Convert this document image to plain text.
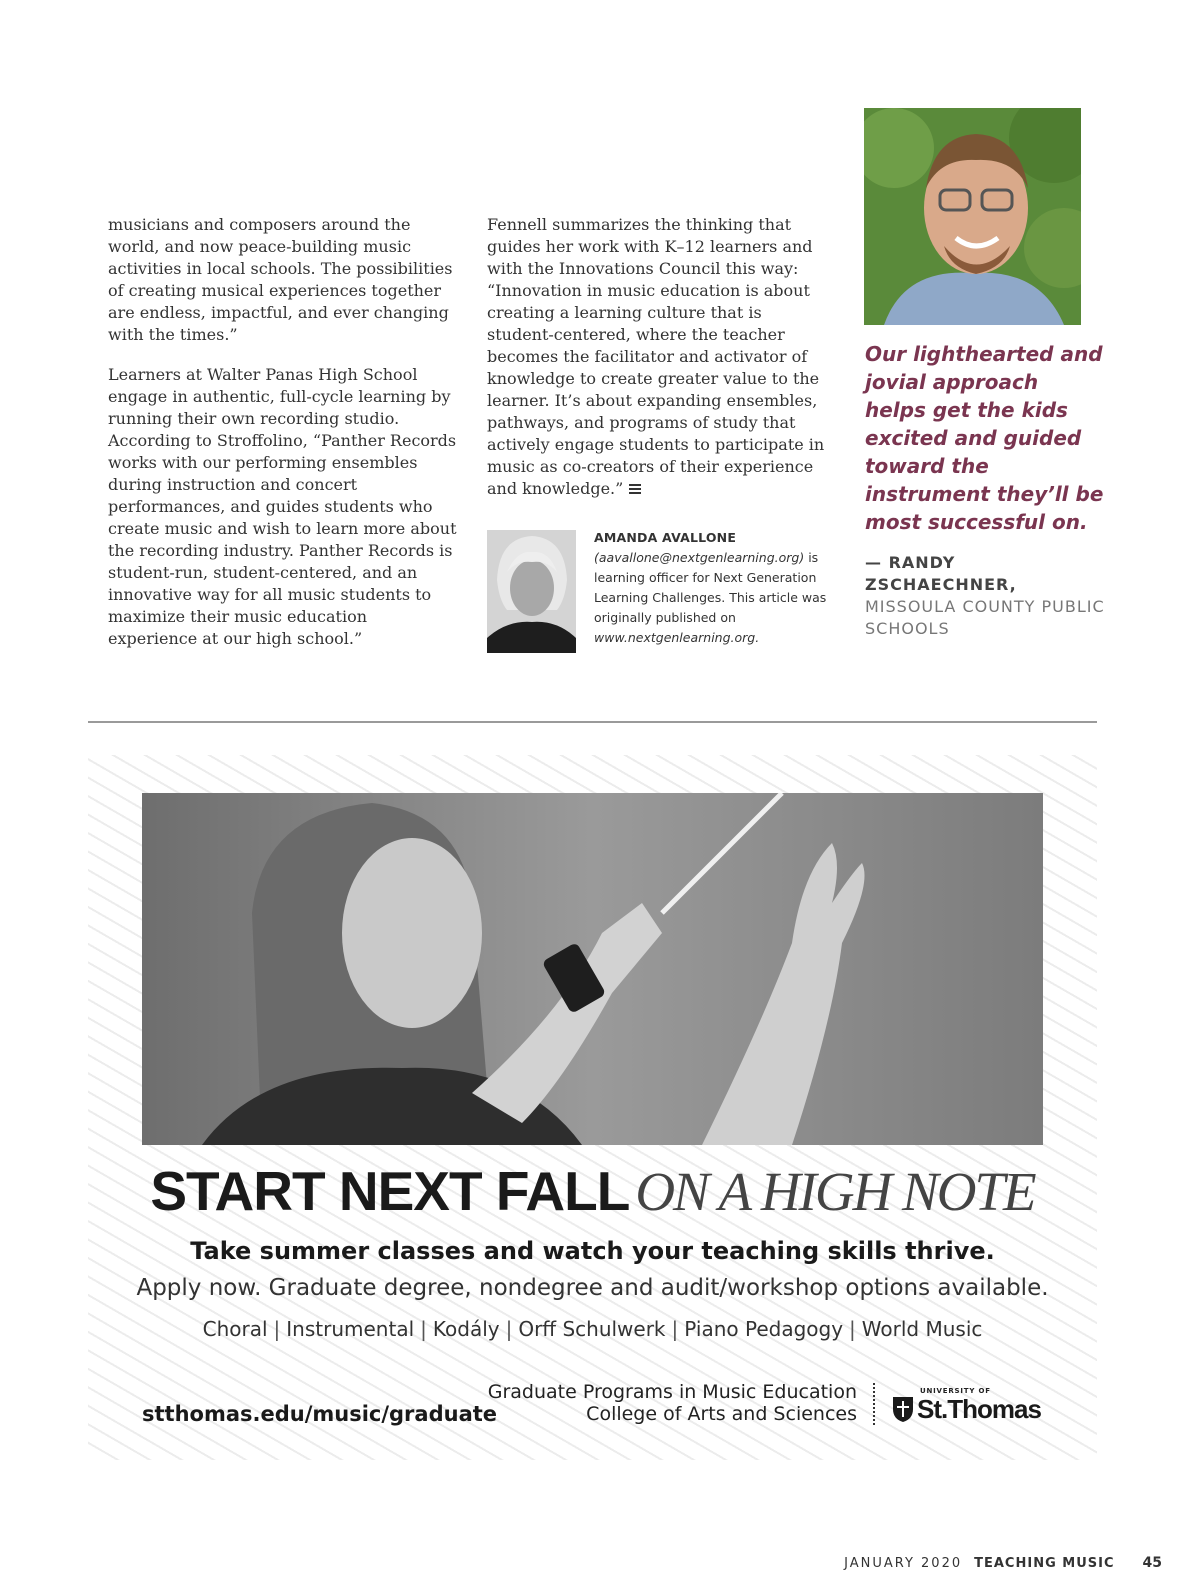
musicians and composers around the world, and now peace-building music activities in local schools. The possibilities of creating musical experiences together are endless, impactful, and ever changing with the times.”

Learners at Walter Panas High School engage in authentic, full-cycle learning by running their own recording studio. According to Stroffolino, “Panther Records works with our performing ensembles during instruction and concert performances, and guides students who create music and wish to learn more about the recording industry. Panther Records is student-run, student-centered, and an innovative way for all music students to maximize their music education experience at our high school.”

Fennell summarizes the thinking that guides her work with K–12 learners and with the Innovations Council this way: “Innovation in music education is about creating a learning culture that is student-centered, where the teacher becomes the facilitator and activator of knowledge to create greater value to the learner. It’s about expanding ensembles, pathways, and programs of study that actively engage students to participate in music as co-creators of their experience and knowledge.”

AMANDA AVALLONE
(aavallone@nextgenlearning.org) is learning officer for Next Generation Learning Challenges. This article was originally published on www.nextgenlearning.org.
Our lighthearted and jovial approach helps get the kids excited and guided toward the instrument they’ll be most successful on.
— RANDY ZSCHAECHNER,
MISSOULA COUNTY PUBLIC SCHOOLS
START NEXT FALL ON A HIGH NOTE
Take summer classes and watch your teaching skills thrive.
Apply now. Graduate degree, nondegree and audit/workshop options available.
Choral | Instrumental | Kodály | Orff Schulwerk | Piano Pedagogy | World Music
stthomas.edu/music/graduate
Graduate Programs in Music Education
College of Arts and Sciences
UNIVERSITY OF
St.Thomas
JANUARY 2020 TEACHING MUSIC 45
